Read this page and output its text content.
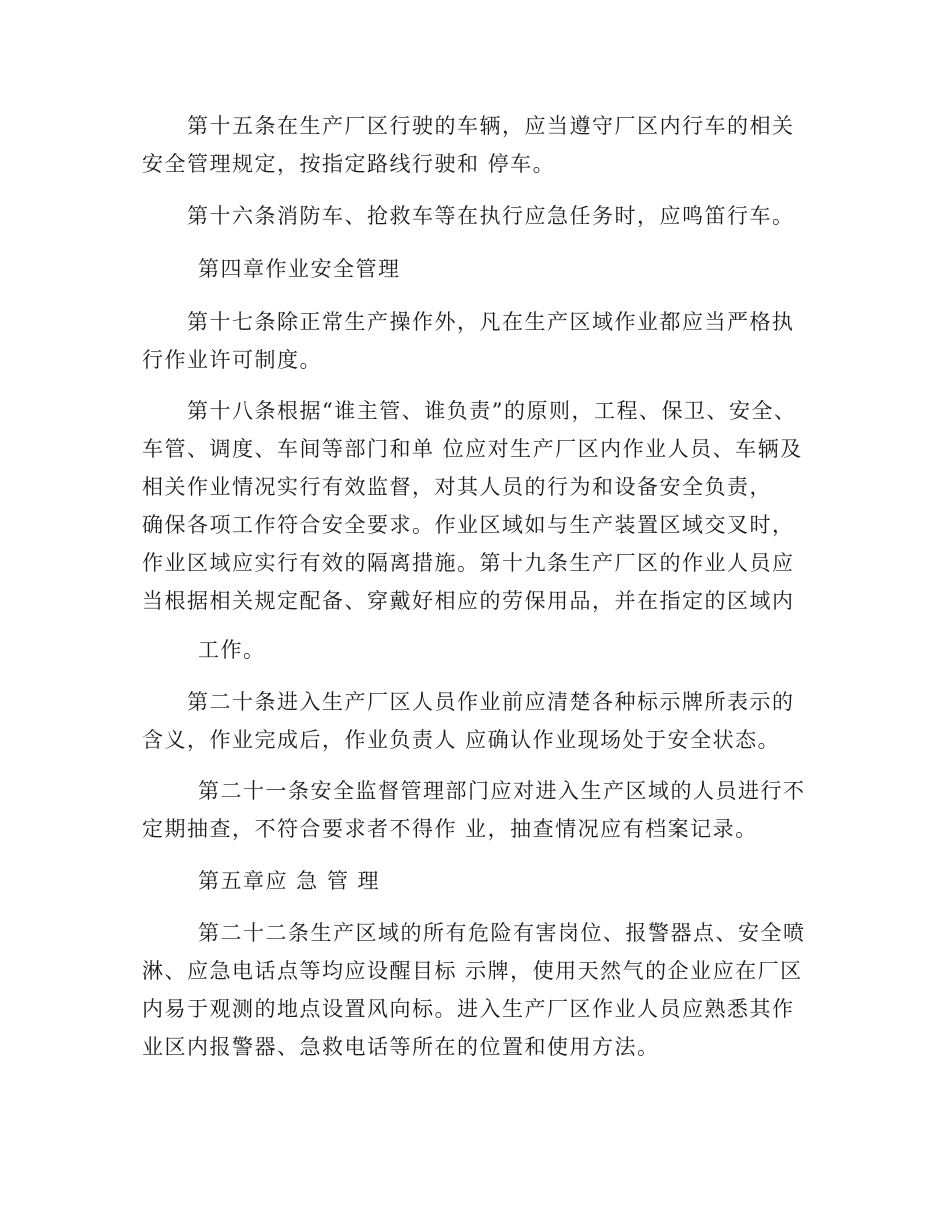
第十五条在生产厂区行驶的车辆，应当遵守厂区内行车的相关安全管理规定，按指定路线行驶和 停车。

第十六条消防车、抢救车等在执行应急任务时，应鸣笛行车。

第四章作业安全管理

第十七条除正常生产操作外，凡在生产区域作业都应当严格执行作业许可制度。

第十八条根据“谁主管、谁负责”的原则，工程、保卫、安全、车管、调度、车间等部门和单 位应对生产厂区内作业人员、车辆及相关作业情况实行有效监督，对其人员的行为和设备安全负责，  确保各项工作符合安全要求。作业区域如与生产装置区域交叉时，作业区域应实行有效的隔离措施。第十九条生产厂区的作业人员应当根据相关规定配备、穿戴好相应的劳保用品，并在指定的区域内

工作。

第二十条进入生产厂区人员作业前应清楚各种标示牌所表示的含义，作业完成后，作业负责人 应确认作业现场处于安全状态。

第二十一条安全监督管理部门应对进入生产区域的人员进行不定期抽查，不符合要求者不得作 业，抽查情况应有档案记录。

第五章应 急 管 理

第二十二条生产区域的所有危险有害岗位、报警器点、安全喷淋、应急电话点等均应设醒目标 示牌，使用天然气的企业应在厂区内易于观测的地点设置风向标。进入生产厂区作业人员应熟悉其作 业区内报警器、急救电话等所在的位置和使用方法。
